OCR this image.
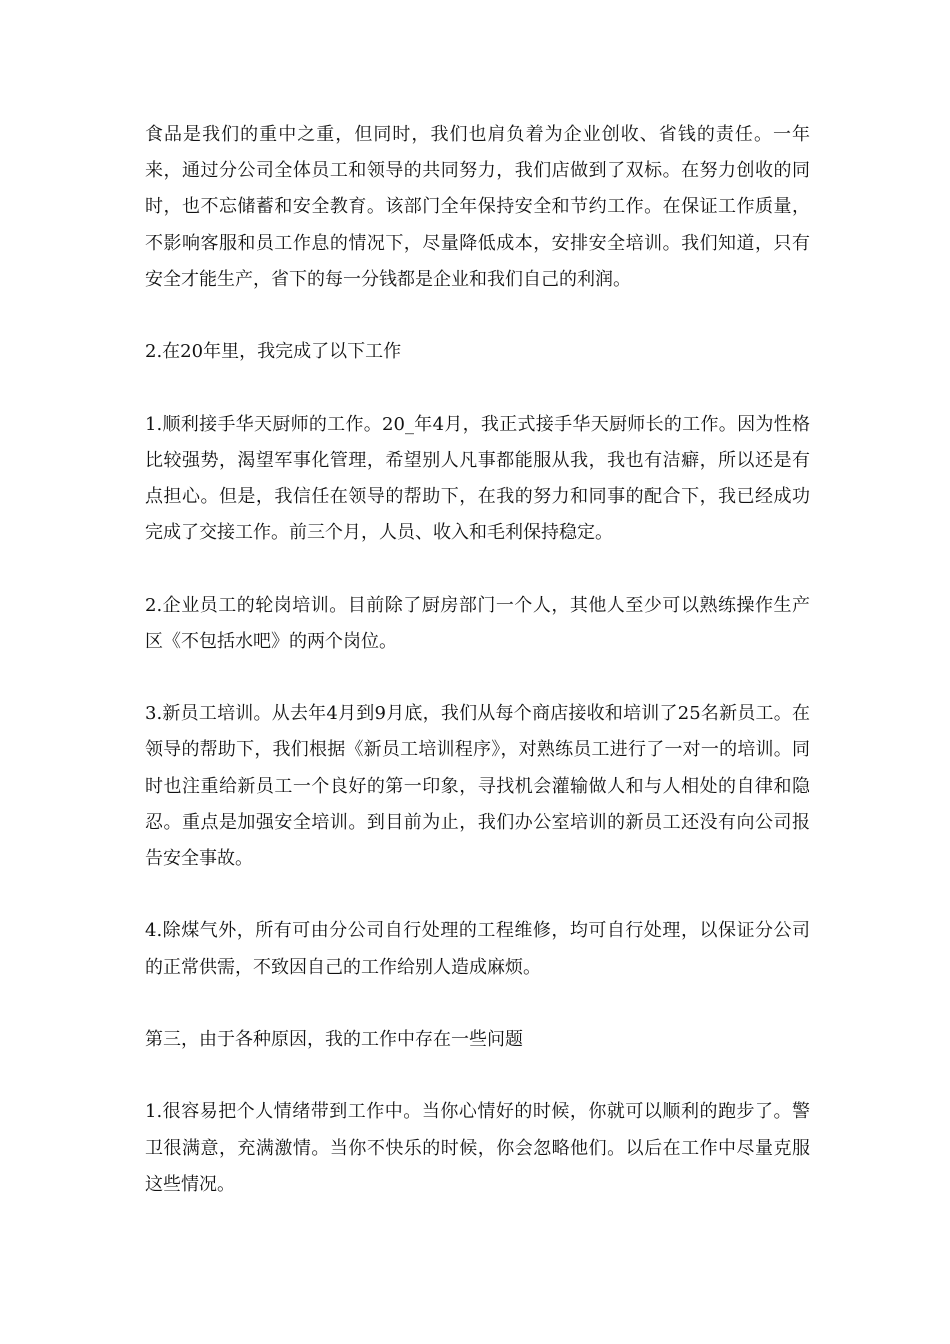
食品是我们的重中之重，但同时，我们也肩负着为企业创收、省钱的责任。一年来，通过分公司全体员工和领导的共同努力，我们店做到了双标。在努力创收的同时，也不忘储蓄和安全教育。该部门全年保持安全和节约工作。在保证工作质量，不影响客服和员工作息的情况下，尽量降低成本，安排安全培训。我们知道，只有安全才能生产，省下的每一分钱都是企业和我们自己的利润。

2.在20年里，我完成了以下工作

1.顺利接手华天厨师的工作。20_年4月，我正式接手华天厨师长的工作。因为性格比较强势，渴望军事化管理，希望别人凡事都能服从我，我也有洁癖，所以还是有点担心。但是，我信任在领导的帮助下，在我的努力和同事的配合下，我已经成功完成了交接工作。前三个月，人员、收入和毛利保持稳定。

2.企业员工的轮岗培训。目前除了厨房部门一个人，其他人至少可以熟练操作生产区《不包括水吧》的两个岗位。

3.新员工培训。从去年4月到9月底，我们从每个商店接收和培训了25名新员工。在领导的帮助下，我们根据《新员工培训程序》，对熟练员工进行了一对一的培训。同时也注重给新员工一个良好的第一印象，寻找机会灌输做人和与人相处的自律和隐忍。重点是加强安全培训。到目前为止，我们办公室培训的新员工还没有向公司报告安全事故。

4.除煤气外，所有可由分公司自行处理的工程维修，均可自行处理，以保证分公司的正常供需，不致因自己的工作给别人造成麻烦。

第三，由于各种原因，我的工作中存在一些问题

1.很容易把个人情绪带到工作中。当你心情好的时候，你就可以顺利的跑步了。警卫很满意，充满激情。当你不快乐的时候，你会忽略他们。以后在工作中尽量克服这些情况。
